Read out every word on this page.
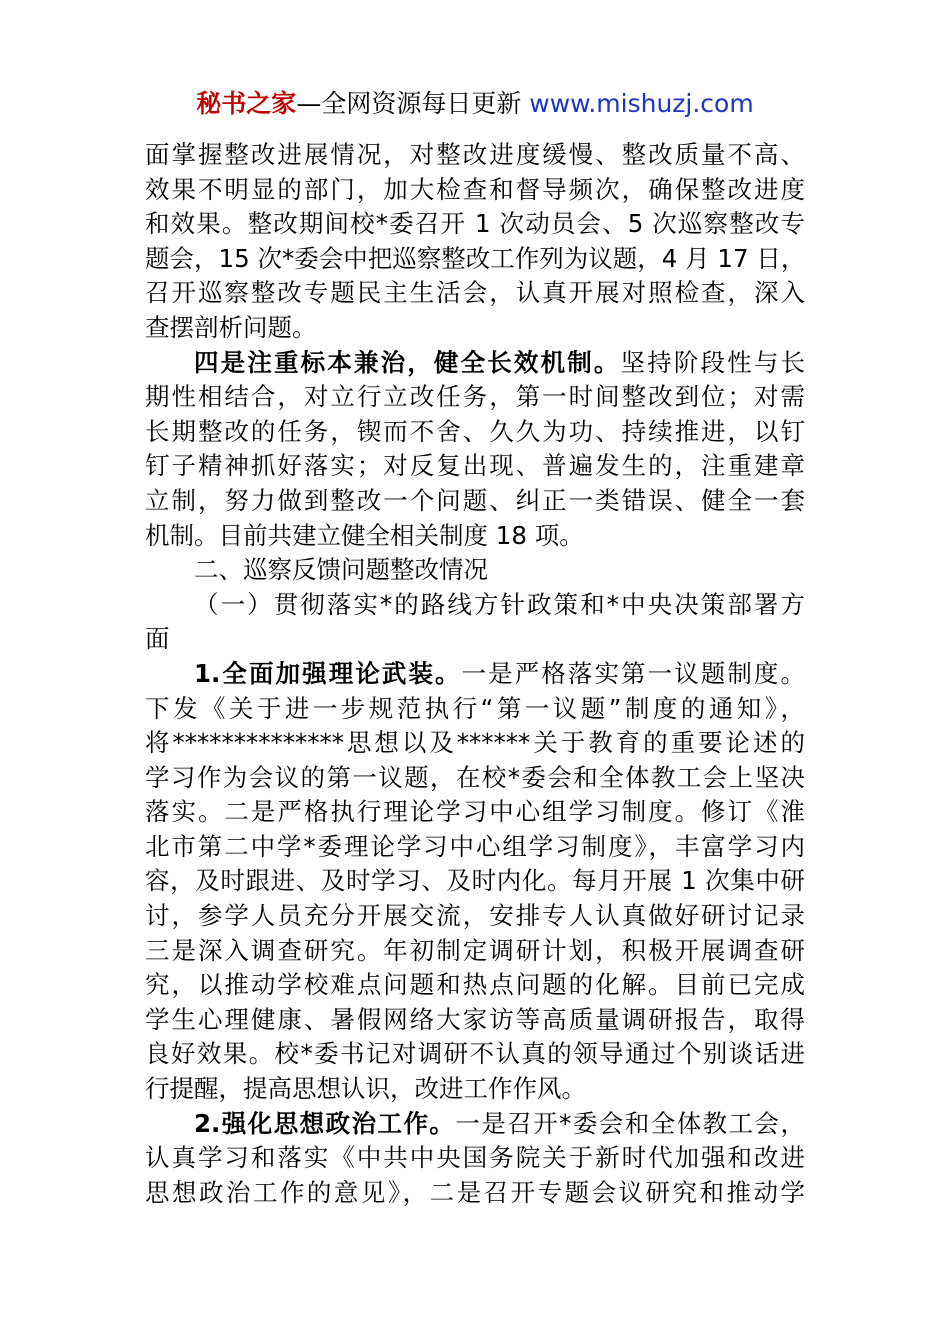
秘书之家—全网资源每日更新 www.mishuzj.com
面掌握整改进展情况，对整改进度缓慢、整改质量不高、
效果不明显的部门，加大检查和督导频次，确保整改进度
和效果。整改期间校*委召开 1 次动员会、5 次巡察整改专
题会，15 次*委会中把巡察整改工作列为议题，4 月 17 日，
召开巡察整改专题民主生活会，认真开展对照检查，深入
查摆剖析问题。
四是注重标本兼治，健全长效机制。坚持阶段性与长
期性相结合，对立行立改任务，第一时间整改到位；对需
长期整改的任务，锲而不舍、久久为功、持续推进，以钉
钉子精神抓好落实；对反复出现、普遍发生的，注重建章
立制，努力做到整改一个问题、纠正一类错误、健全一套
机制。目前共建立健全相关制度 18 项。
二、巡察反馈问题整改情况
（一）贯彻落实*的路线方针政策和*中央决策部署方
面
1.全面加强理论武装。一是严格落实第一议题制度。
下发《关于进一步规范执行“第一议题”制度的通知》，
将**************思想以及******关于教育的重要论述的
学习作为会议的第一议题，在校*委会和全体教工会上坚决
落实。二是严格执行理论学习中心组学习制度。修订《淮
北市第二中学*委理论学习中心组学习制度》，丰富学习内
容，及时跟进、及时学习、及时内化。每月开展 1 次集中研
讨，参学人员充分开展交流，安排专人认真做好研讨记录
三是深入调查研究。年初制定调研计划，积极开展调查研
究，以推动学校难点问题和热点问题的化解。目前已完成
学生心理健康、暑假网络大家访等高质量调研报告，取得
良好效果。校*委书记对调研不认真的领导通过个别谈话进
行提醒，提高思想认识，改进工作作风。
2.强化思想政治工作。一是召开*委会和全体教工会，
认真学习和落实《中共中央国务院关于新时代加强和改进
思想政治工作的意见》，二是召开专题会议研究和推动学
